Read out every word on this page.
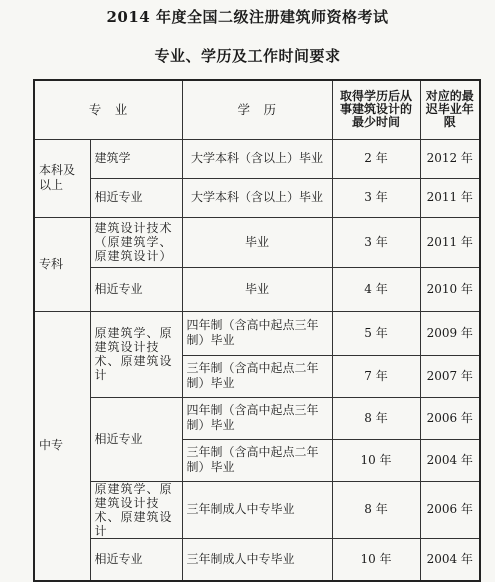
2014 年度全国二级注册建筑师资格考试
专业、学历及工作时间要求
专　业		学　历	取得学历后从事建筑设计的最少时间	对应的最迟毕业年限
本科及以上	建筑学	大学本科（含以上）毕业	2 年	2012 年
	相近专业	大学本科（含以上）毕业	3 年	2011 年
专科	建筑设计技术（原建筑学、原建筑设计）	毕业	3 年	2011 年
	相近专业	毕业	4 年	2010 年
中专	原建筑学、原建筑设计技术、原建筑设计	四年制（含高中起点三年制）毕业	5 年	2009 年
		三年制（含高中起点二年制）毕业	7 年	2007 年
	相近专业	四年制（含高中起点三年制）毕业	8 年	2006 年
		三年制（含高中起点二年制）毕业	10 年	2004 年
	原建筑学、原建筑设计技术、原建筑设计	三年制成人中专毕业	8 年	2006 年
	相近专业	三年制成人中专毕业	10 年	2004 年
